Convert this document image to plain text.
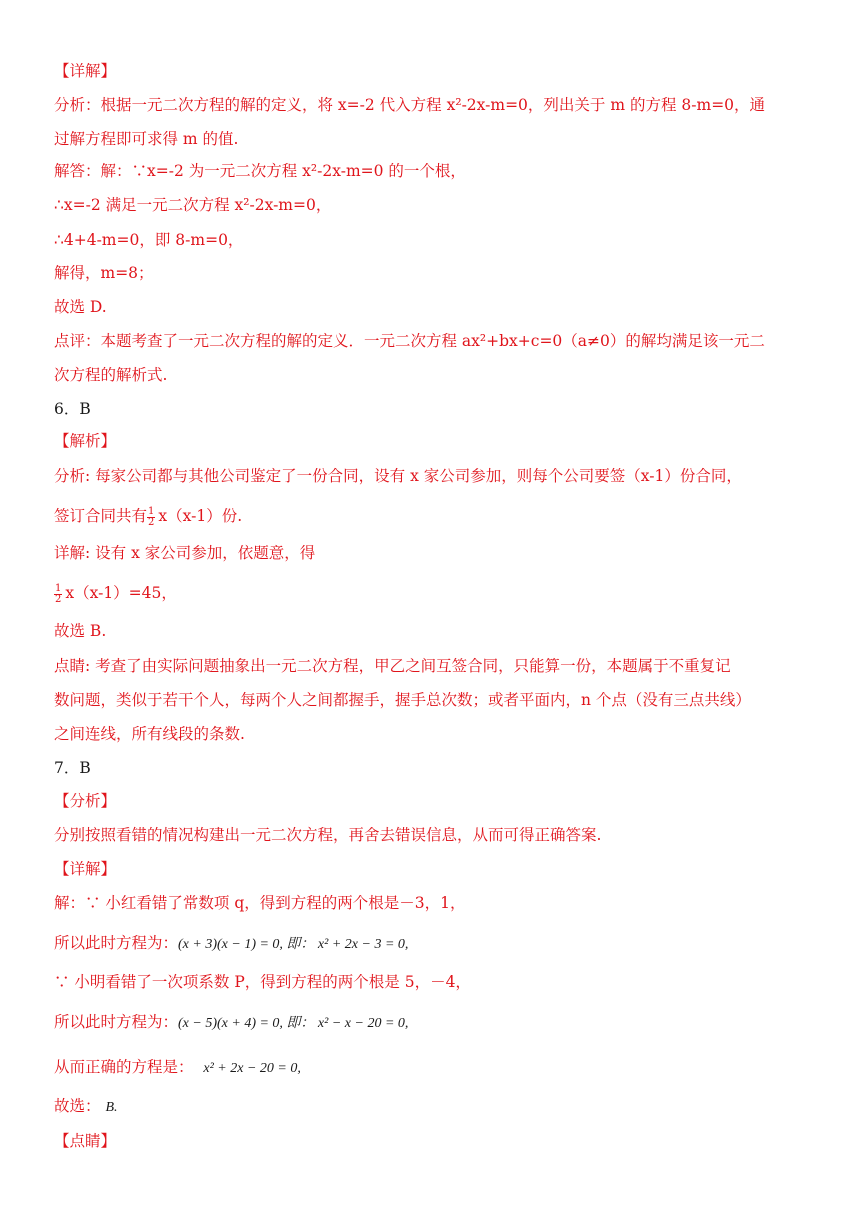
【详解】
分析：根据一元二次方程的解的定义，将 x=-2 代入方程 x²-2x-m=0，列出关于 m 的方程 8-m=0，通
过解方程即可求得 m 的值.
解答：解：∵x=-2 为一元二次方程 x²-2x-m=0 的一个根，
∴x=-2 满足一元二次方程 x²-2x-m=0，
∴4+4-m=0，即 8-m=0，
解得，m=8；
故选 D.
点评：本题考查了一元二次方程的解的定义．一元二次方程 ax²+bx+c=0（a≠0）的解均满足该一元二
次方程的解析式.
6．B
【解析】
分析: 每家公司都与其他公司鉴定了一份合同，设有 x 家公司参加，则每个公司要签（x-1）份合同，
签订合同共有 $\frac{1}{2} x(x-1)$份.
详解: 设有 x 家公司参加，依题意，得
$\frac{1}{2} x(x-1)=45$，
故选 B.
点睛: 考查了由实际问题抽象出一元二次方程，甲乙之间互签合同，只能算一份，本题属于不重复记
数问题，类似于若干个人，每两个人之间都握手，握手总次数；或者平面内，n 个点（没有三点共线）
之间连线，所有线段的条数.
7．B
【分析】
分别按照看错的情况构建出一元二次方程，再舍去错误信息，从而可得正确答案.
【详解】
解：∵ 小红看错了常数项 q，得到方程的两个根是－3，1，
所以此时方程为：(x + 3)(x − 1) = 0, 即： x² + 2x − 3 = 0,
∵ 小明看错了一次项系数 P，得到方程的两个根是 5，－4，
所以此时方程为：(x − 5)(x + 4) = 0, 即： x² − x − 20 = 0,
从而正确的方程是： x² + 2x − 20 = 0,
故选： B.
【点睛】
